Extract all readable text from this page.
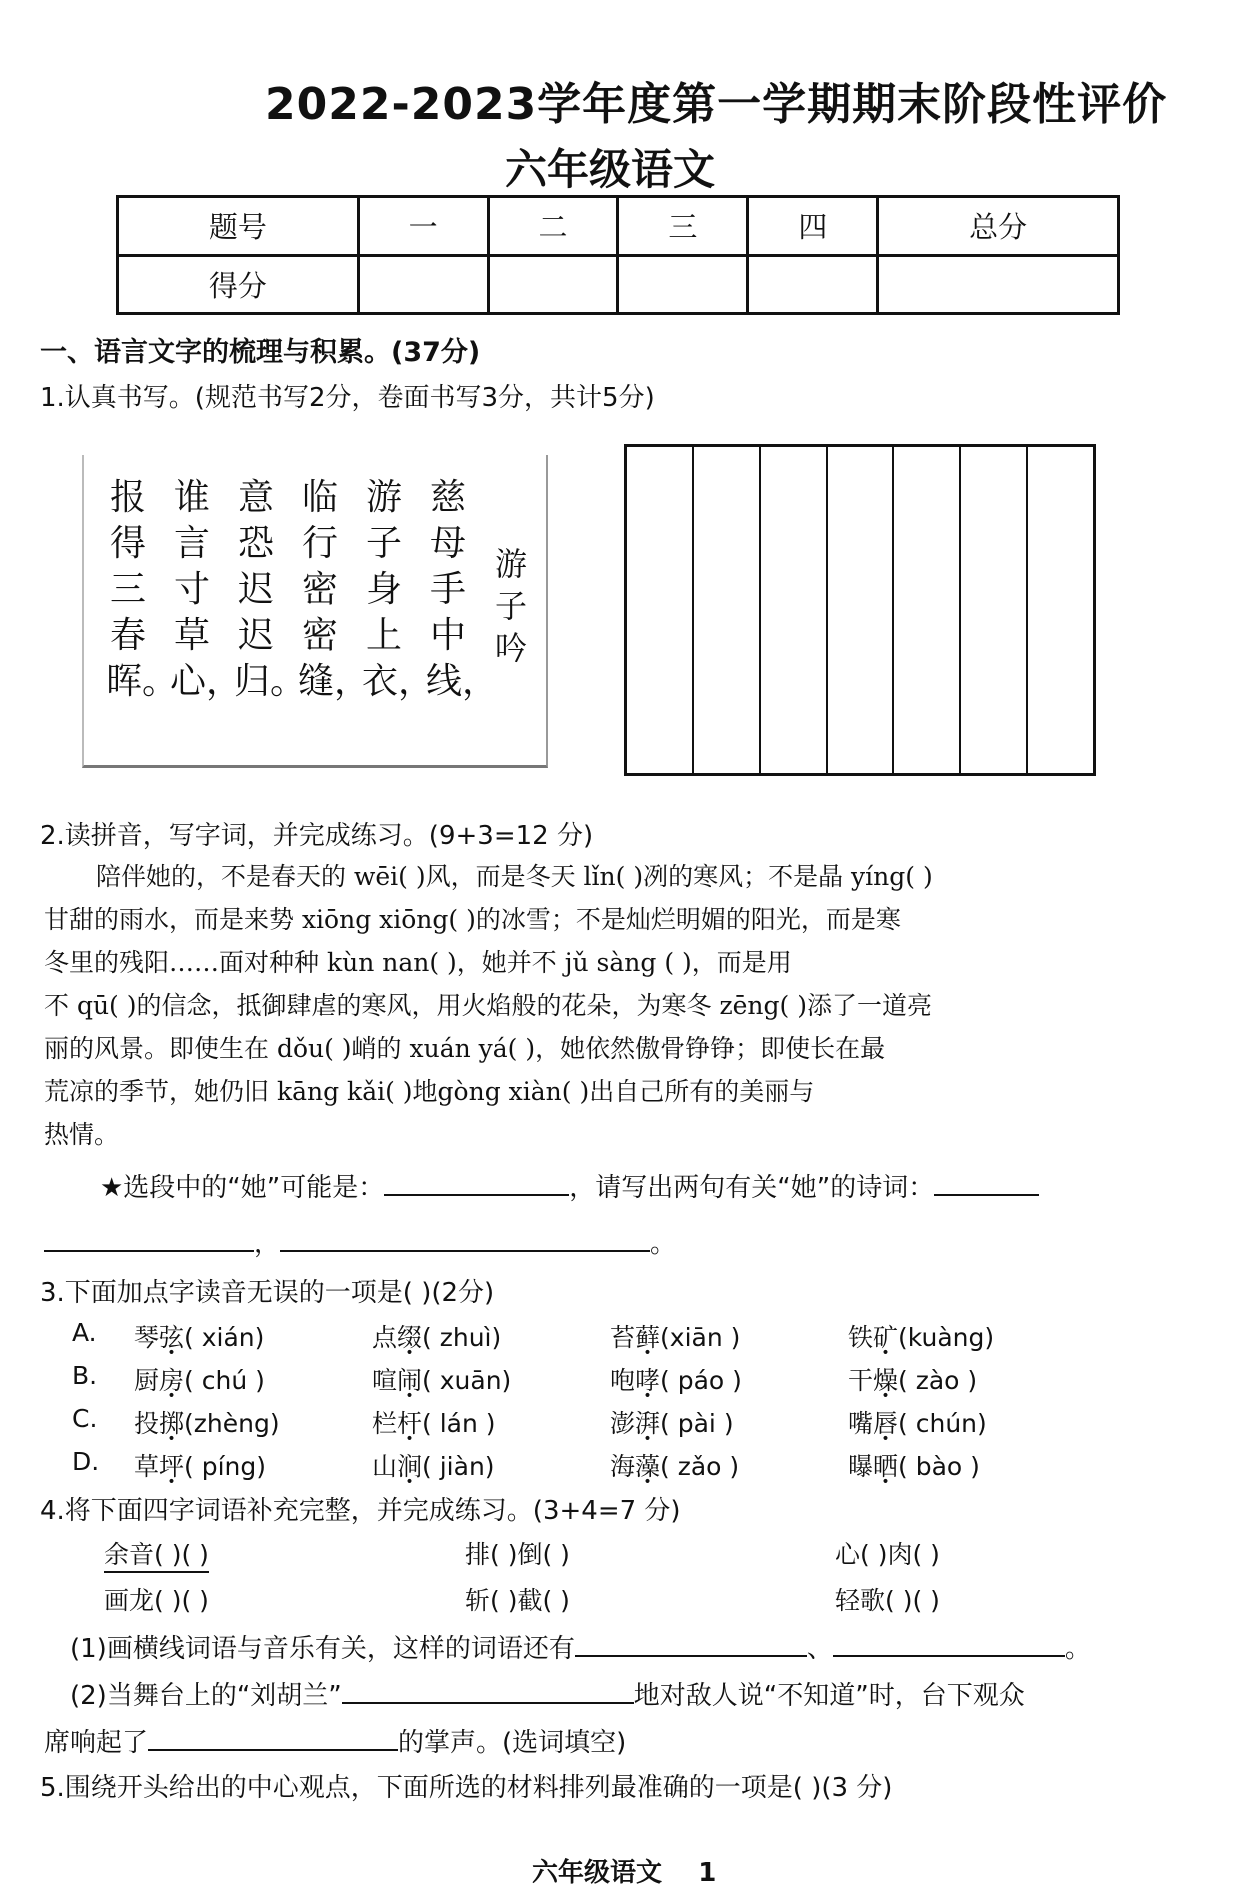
2022-2023学年度第一学期期末阶段性评价
六年级语文
题号	一	二	三	四	总分
得分					
一、语言文字的梳理与积累。(37分)
1.认真书写。(规范书写2分，卷面书写3分，共计5分)
报得三春晖。
谁言寸草心，
意恐迟迟归。
临行密密缝，
游子身上衣，
慈母手中线，
游子吟
2.读拼音，写字词，并完成练习。(9+3=12 分)
陪伴她的，不是春天的 wēi( )风，而是冬天 lǐn( )冽的寒风；不是晶 yíng( )
甘甜的雨水，而是来势 xiōng xiōng( )的冰雪；不是灿烂明媚的阳光，而是寒
冬里的残阳……面对种种 kùn nan( )，她并不 jǔ sàng ( )，而是用
不 qū( )的信念，抵御肆虐的寒风，用火焰般的花朵，为寒冬 zēng( )添了一道亮
丽的风景。即使生在 dǒu( )峭的 xuán yá( )，她依然傲骨铮铮；即使长在最
荒凉的季节，她仍旧 kāng kǎi( )地gòng xiàn( )出自己所有的美丽与
热情。
★选段中的“她”可能是：	，请写出两句有关“她”的诗词：
，	。
3.下面加点字读音无误的一项是( )(2分)
A. 琴弦( xián)	点缀( zhuì)	苔藓(xiān )	铁矿(kuàng)
B. 厨房( chú )	喧闹( xuān)	咆哮( páo )	干燥( zào )
C. 投掷(zhèng)	栏杆( lán )	澎湃( pài )	嘴唇( chún)
D. 草坪( píng)	山涧( jiàn)	海藻( zǎo )	曝晒( bào )
4.将下面四字词语补充完整，并完成练习。(3+4=7 分)
余音( )( )	排( )倒( )	心( )肉( )
画龙( )( )	斩( )截( )	轻歌( )( )
(1)画横线词语与音乐有关，这样的词语还有	、	。
(2)当舞台上的“刘胡兰”	地对敌人说“不知道”时，台下观众
席响起了	的掌声。(选词填空)
5.围绕开头给出的中心观点，下面所选的材料排列最准确的一项是( )(3 分)
六年级语文 1
